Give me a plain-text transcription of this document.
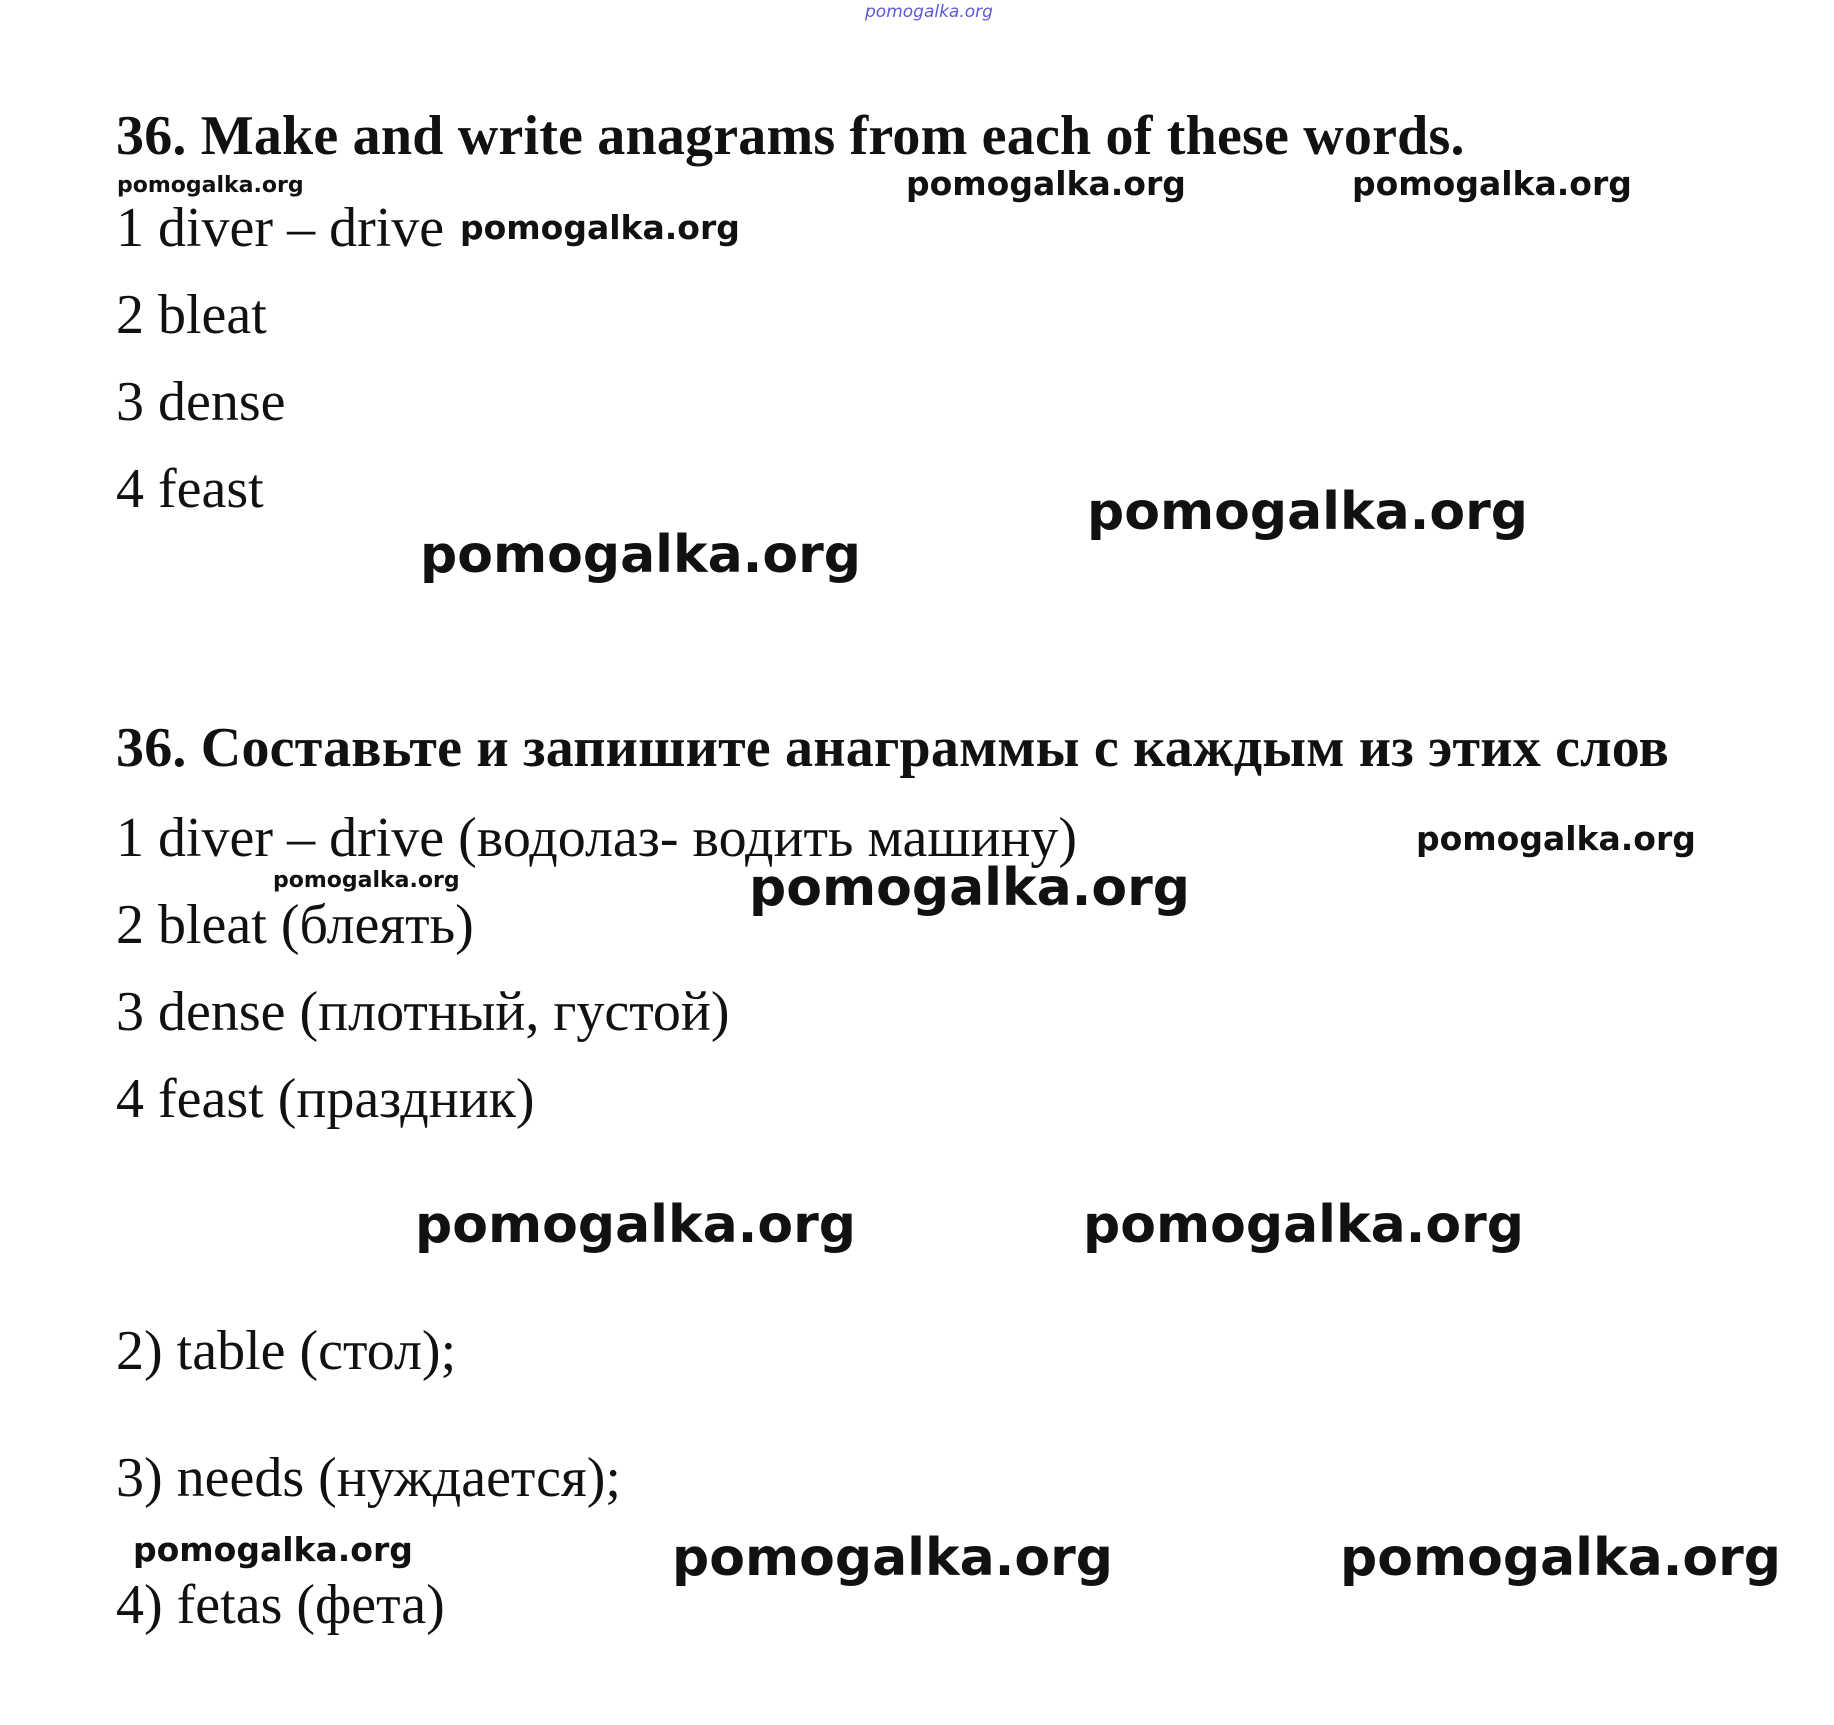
pomogalka.org
36. Make and write anagrams from each of these words.
1 diver – drive
2 bleat
3 dense
4 feast
36. Составьте и запишите анаграммы с каждым из этих слов
1 diver – drive (водолаз- водить машину)
2 bleat (блеять)
3 dense (плотный, густой)
4 feast (праздник)
2) table (стол);
3) needs (нуждается);
4) fetas (фета)
pomogalka.org	pomogalka.org	pomogalka.org
pomogalka.org
pomogalka.org
pomogalka.org
pomogalka.org
pomogalka.org	pomogalka.org
pomogalka.org	pomogalka.org
pomogalka.org	pomogalka.org	pomogalka.org
